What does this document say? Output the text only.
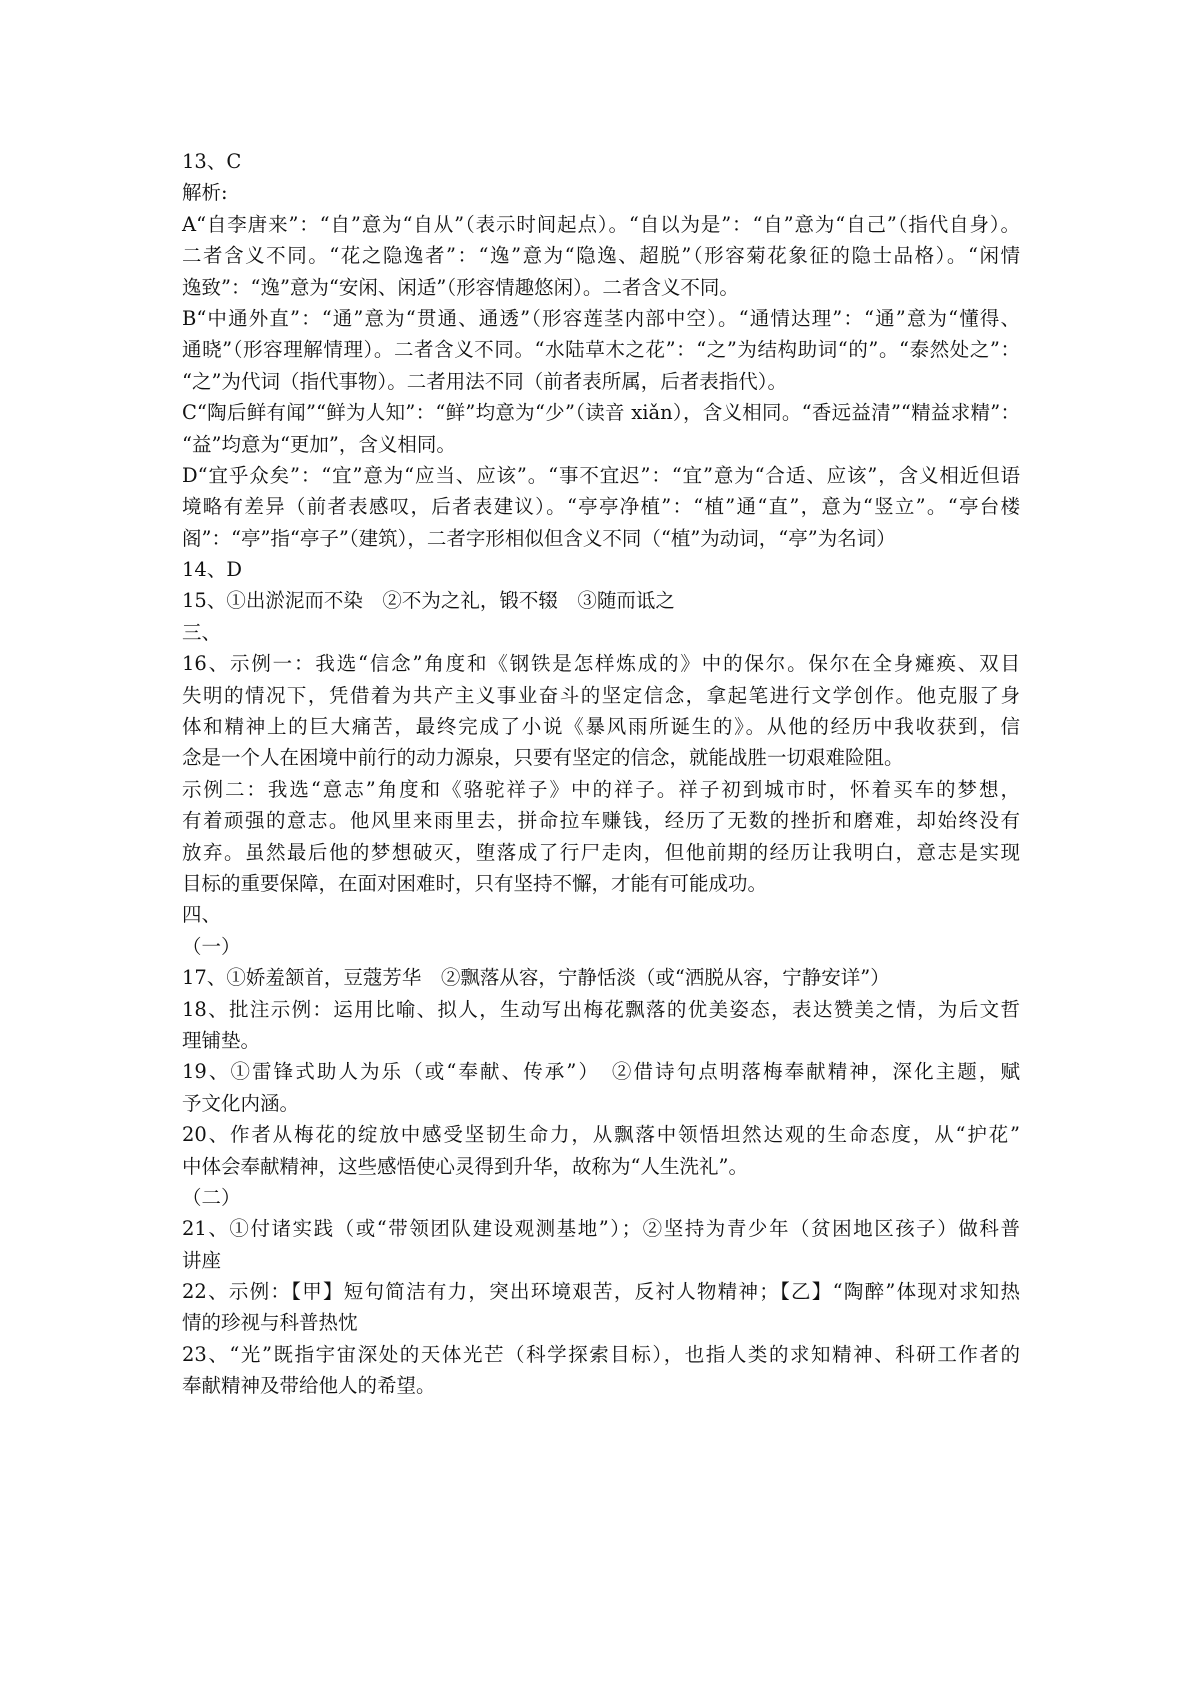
13、C
解析:
A“自李唐来”：“自”意为“自从”（表示时间起点）。“自以为是”：“自”意为“自己”（指代自身）。
二者含义不同。“花之隐逸者”：“逸”意为“隐逸、超脱”（形容菊花象征的隐士品格）。“闲情
逸致”：“逸”意为“安闲、闲适”（形容情趣悠闲）。二者含义不同。
B“中通外直”：“通”意为“贯通、通透”（形容莲茎内部中空）。“通情达理”：“通”意为“懂得、
通晓”（形容理解情理）。二者含义不同。“水陆草木之花”：“之”为结构助词“的”。“泰然处之”：
“之”为代词（指代事物）。二者用法不同（前者表所属，后者表指代）。
C“陶后鲜有闻”“鲜为人知”：“鲜”均意为“少”（读音 xiǎn），含义相同。“香远益清”“精益求精”：
“益”均意为“更加”，含义相同。
D“宜乎众矣”：“宜”意为“应当、应该”。“事不宜迟”：“宜”意为“合适、应该”，含义相近但语
境略有差异（前者表感叹，后者表建议）。“亭亭净植”：“植”通“直”，意为“竖立”。“亭台楼
阁”：“亭”指“亭子”（建筑），二者字形相似但含义不同（“植”为动词，“亭”为名词）
14、D
15、①出淤泥而不染　②不为之礼，锻不辍　③随而诋之
三、
16、示例一：我选“信念”角度和《钢铁是怎样炼成的》中的保尔。保尔在全身瘫痪、双目
失明的情况下，凭借着为共产主义事业奋斗的坚定信念，拿起笔进行文学创作。他克服了身
体和精神上的巨大痛苦，最终完成了小说《暴风雨所诞生的》。从他的经历中我收获到，信
念是一个人在困境中前行的动力源泉，只要有坚定的信念，就能战胜一切艰难险阻。
示例二：我选“意志”角度和《骆驼祥子》中的祥子。祥子初到城市时，怀着买车的梦想，
有着顽强的意志。他风里来雨里去，拼命拉车赚钱，经历了无数的挫折和磨难，却始终没有
放弃。虽然最后他的梦想破灭，堕落成了行尸走肉，但他前期的经历让我明白，意志是实现
目标的重要保障，在面对困难时，只有坚持不懈，才能有可能成功。
四、
（一）
17、①娇羞颔首，豆蔻芳华　②飘落从容，宁静恬淡（或“洒脱从容，宁静安详”）
18、批注示例：运用比喻、拟人，生动写出梅花飘落的优美姿态，表达赞美之情，为后文哲
理铺垫。
19、①雷锋式助人为乐（或“奉献、传承”）　②借诗句点明落梅奉献精神，深化主题，赋
予文化内涵。
20、作者从梅花的绽放中感受坚韧生命力，从飘落中领悟坦然达观的生命态度，从“护花”
中体会奉献精神，这些感悟使心灵得到升华，故称为“人生洗礼”。
（二）
21、①付诸实践（或“带领团队建设观测基地”）；②坚持为青少年（贫困地区孩子）做科普
讲座
22、示例：【甲】短句简洁有力，突出环境艰苦，反衬人物精神；【乙】“陶醉”体现对求知热
情的珍视与科普热忱
23、“光”既指宇宙深处的天体光芒（科学探索目标），也指人类的求知精神、科研工作者的
奉献精神及带给他人的希望。
